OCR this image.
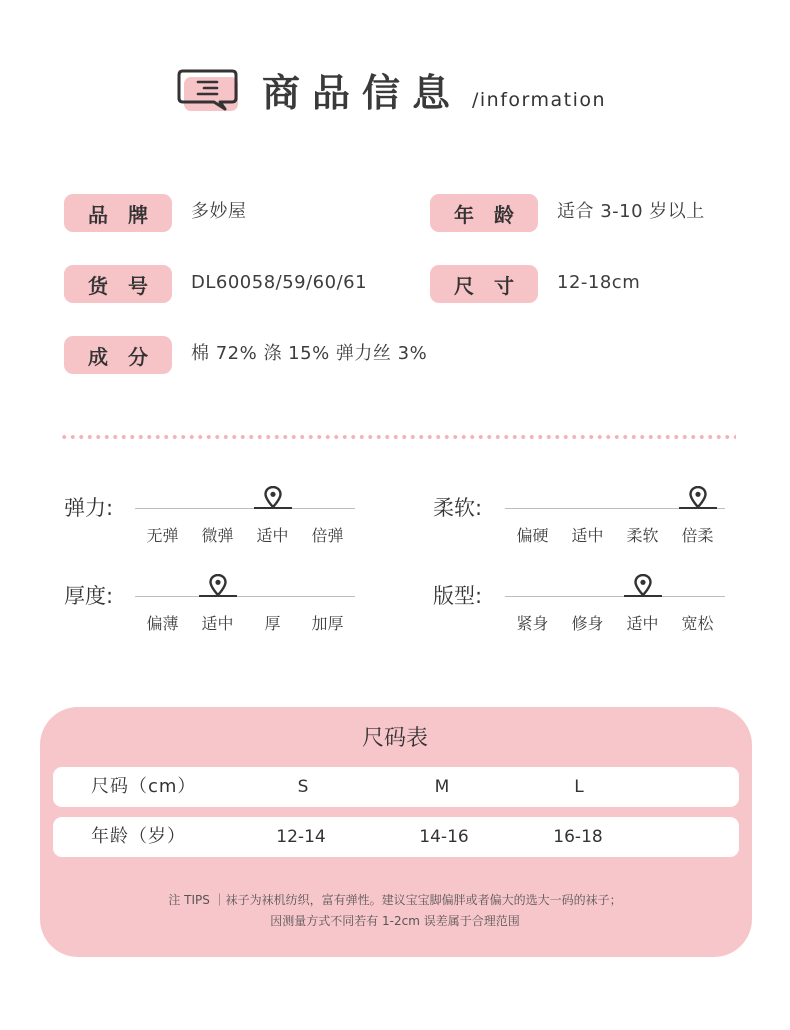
商品信息 /information
品牌 多妙屋	年龄 适合 3-10 岁以上
货号 DL60058/59/60/61	尺寸 12-18cm
成分 棉 72% 涤 15% 弹力丝 3%
弹力:
无弹	微弹	适中	倍弹
柔软:
偏硬	适中	柔软	倍柔
厚度:
偏薄	适中	厚	加厚
版型:
紧身	修身	适中	宽松
尺码表
尺码（cm）	S	M	L
年龄（岁）	12-14	14-16	16-18
注 TIPS ｜袜子为袜机纺织，富有弹性。建议宝宝脚偏胖或者偏大的选大一码的袜子；
因测量方式不同若有 1-2cm 误差属于合理范围
